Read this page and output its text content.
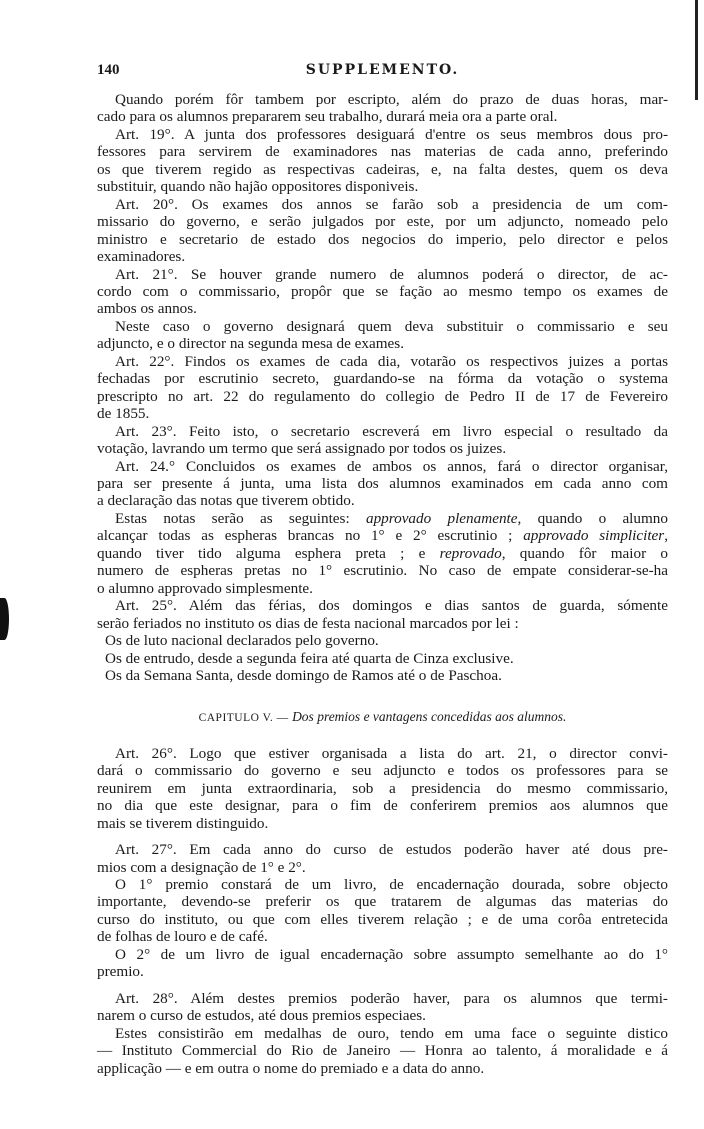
140	SUPPLEMENTO.
Quando porém fôr tambem por escripto, além do prazo de duas horas, mar-
cado para os alumnos prepararem seu trabalho, durará meia ora a parte oral.
Art. 19°. A junta dos professores desiguará d'entre os seus membros dous pro-
fessores para servirem de examinadores nas materias de cada anno, preferindo
os que tiverem regido as respectivas cadeiras, e, na falta destes, quem os deva
substituir, quando não hajão oppositores disponiveis.
Art. 20°. Os exames dos annos se farão sob a presidencia de um com-
missario do governo, e serão julgados por este, por um adjuncto, nomeado pelo
ministro e secretario de estado dos negocios do imperio, pelo director e pelos
examinadores.
Art. 21°. Se houver grande numero de alumnos poderá o director, de ac-
cordo com o commissario, propôr que se fação ao mesmo tempo os exames de
ambos os annos.
Neste caso o governo designará quem deva substituir o commissario e seu
adjuncto, e o director na segunda mesa de exames.
Art. 22°. Findos os exames de cada dia, votarão os respectivos juizes a portas
fechadas por escrutinio secreto, guardando-se na fórma da votação o systema
prescripto no art. 22 do regulamento do collegio de Pedro II de 17 de Fevereiro
de 1855.
Art. 23°. Feito isto, o secretario escreverá em livro especial o resultado da
votação, lavrando um termo que será assignado por todos os juizes.
Art. 24.° Concluidos os exames de ambos os annos, fará o director organisar,
para ser presente á junta, uma lista dos alumnos examinados em cada anno com
a declaração das notas que tiverem obtido.
Estas notas serão as seguintes: approvado plenamente, quando o alumno
alcançar todas as espheras brancas no 1° e 2° escrutinio ; approvado simpliciter,
quando tiver tido alguma esphera preta ; e reprovado, quando fôr maior o
numero de espheras pretas no 1° escrutinio. No caso de empate considerar-se-ha
o alumno approvado simplesmente.
Art. 25°. Além das férias, dos domingos e dias santos de guarda, sómente
serão feriados no instituto os dias de festa nacional marcados por lei :
Os de luto nacional declarados pelo governo.
Os de entrudo, desde a segunda feira até quarta de Cinza exclusive.
Os da Semana Santa, desde domingo de Ramos até o de Paschoa.
CAPITULO V. — Dos premios e vantagens concedidas aos alumnos.
Art. 26°. Logo que estiver organisada a lista do art. 21, o director convi-
dará o commissario do governo e seu adjuncto e todos os professores para se
reunirem em junta extraordinaria, sob a presidencia do mesmo commissario,
no dia que este designar, para o fim de conferirem premios aos alumnos que
mais se tiverem distinguido.
Art. 27°. Em cada anno do curso de estudos poderão haver até dous pre-
mios com a designação de 1° e 2°.
O 1° premio constará de um livro, de encadernação dourada, sobre objecto
importante, devendo-se preferir os que tratarem de algumas das materias do
curso do instituto, ou que com elles tiverem relação ; e de uma corôa entretecida
de folhas de louro e de café.
O 2° de um livro de igual encadernação sobre assumpto semelhante ao do 1°
premio.
Art. 28°. Além destes premios poderão haver, para os alumnos que termi-
narem o curso de estudos, até dous premios especiaes.
Estes consistirão em medalhas de ouro, tendo em uma face o seguinte distico
— Instituto Commercial do Rio de Janeiro — Honra ao talento, á moralidade e á
applicação — e em outra o nome do premiado e a data do anno.
